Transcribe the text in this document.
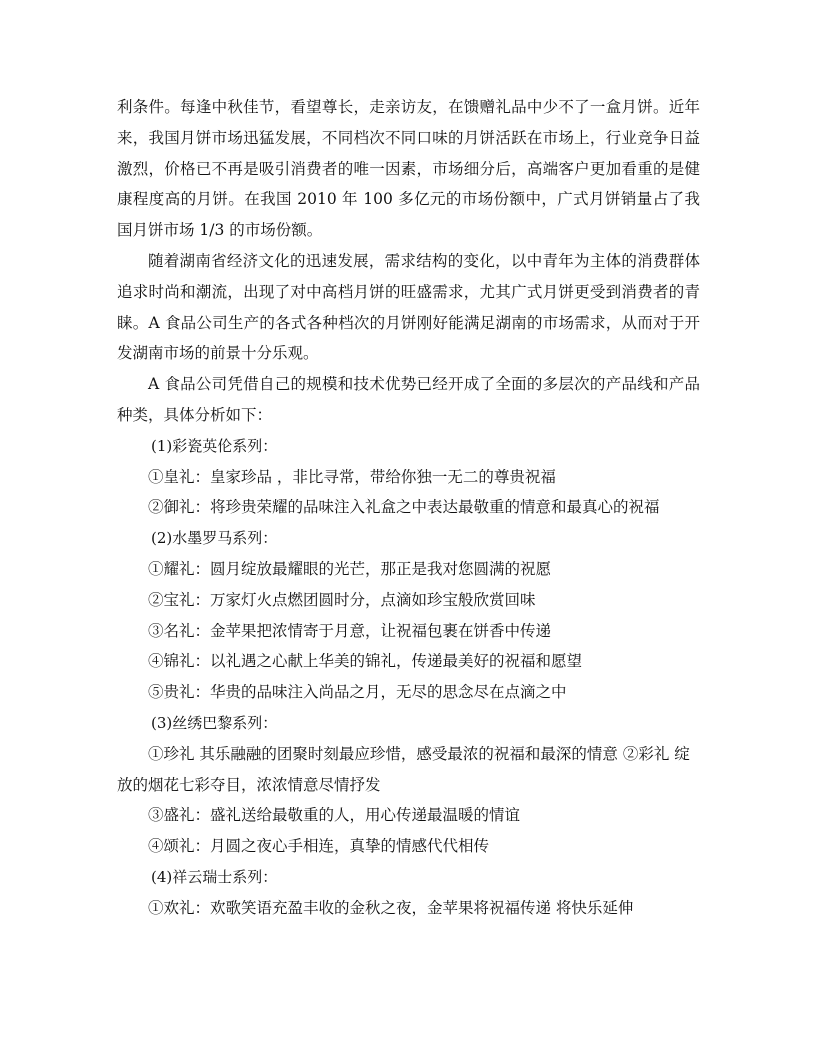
利条件。每逢中秋佳节，看望尊长，走亲访友，在馈赠礼品中少不了一盒月饼。近年来，我国月饼市场迅猛发展，不同档次不同口味的月饼活跃在市场上，行业竞争日益激烈，价格已不再是吸引消费者的唯一因素，市场细分后，高端客户更加看重的是健康程度高的月饼。在我国 2010 年 100 多亿元的市场份额中，广式月饼销量占了我国月饼市场 1/3 的市场份额。

随着湖南省经济文化的迅速发展，需求结构的变化，以中青年为主体的消费群体追求时尚和潮流，出现了对中高档月饼的旺盛需求，尤其广式月饼更受到消费者的青睐。A 食品公司生产的各式各种档次的月饼刚好能满足湖南的市场需求，从而对于开发湖南市场的前景十分乐观。

A 食品公司凭借自己的规模和技术优势已经开成了全面的多层次的产品线和产品种类，具体分析如下：

(1)彩瓷英伦系列：

①皇礼：皇家珍品 ，非比寻常，带给你独一无二的尊贵祝福

②御礼：将珍贵荣耀的品味注入礼盒之中表达最敬重的情意和最真心的祝福

(2)水墨罗马系列：

①耀礼：圆月绽放最耀眼的光芒，那正是我对您圆满的祝愿

②宝礼：万家灯火点燃团圆时分，点滴如珍宝般欣赏回味

③名礼：金苹果把浓情寄于月意，让祝福包裹在饼香中传递

④锦礼：以礼遇之心献上华美的锦礼，传递最美好的祝福和愿望

⑤贵礼：华贵的品味注入尚品之月，无尽的思念尽在点滴之中

(3)丝绣巴黎系列：

①珍礼 其乐融融的团聚时刻最应珍惜，感受最浓的祝福和最深的情意 ②彩礼 绽放的烟花七彩夺目，浓浓情意尽情抒发

③盛礼：盛礼送给最敬重的人，用心传递最温暖的情谊

④颂礼：月圆之夜心手相连，真挚的情感代代相传

(4)祥云瑞士系列：

①欢礼：欢歌笑语充盈丰收的金秋之夜，金苹果将祝福传递 将快乐延伸
